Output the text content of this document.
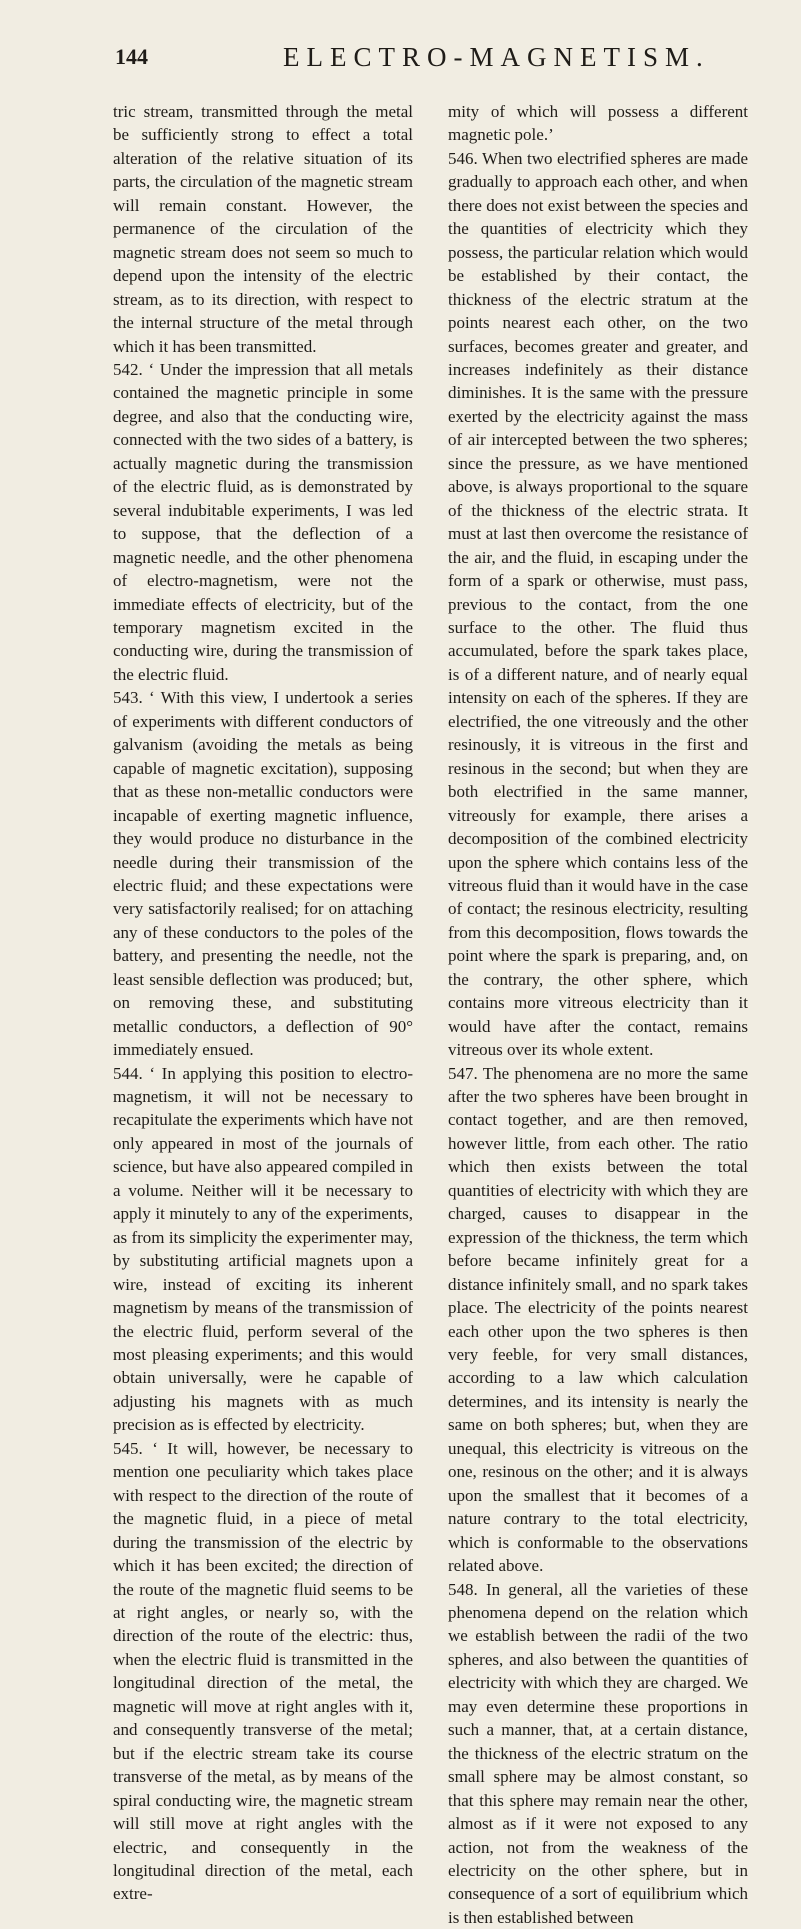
144	ELECTRO-MAGNETISM.

tric stream, transmitted through the metal be sufficiently strong to effect a total alteration of the relative situation of its parts, the circulation of the magnetic stream will remain constant. However, the permanence of the circulation of the magnetic stream does not seem so much to depend upon the intensity of the electric stream, as to its direction, with respect to the internal structure of the metal through which it has been transmitted.

542. ‘ Under the impression that all metals contained the magnetic principle in some degree, and also that the conducting wire, connected with the two sides of a battery, is actually magnetic during the transmission of the electric fluid, as is demonstrated by several indubitable experiments, I was led to suppose, that the deflection of a magnetic needle, and the other phenomena of electro-magnetism, were not the immediate effects of electricity, but of the temporary magnetism excited in the conducting wire, during the transmission of the electric fluid.

543. ‘ With this view, I undertook a series of experiments with different conductors of galvanism (avoiding the metals as being capable of magnetic excitation), supposing that as these non-metallic conductors were incapable of exerting magnetic influence, they would produce no disturbance in the needle during their transmission of the electric fluid; and these expectations were very satisfactorily realised; for on attaching any of these conductors to the poles of the battery, and presenting the needle, not the least sensible deflection was produced; but, on removing these, and substituting metallic conductors, a deflection of 90° immediately ensued.

544. ‘ In applying this position to electro-magnetism, it will not be necessary to recapitulate the experiments which have not only appeared in most of the journals of science, but have also appeared compiled in a volume. Neither will it be necessary to apply it minutely to any of the experiments, as from its simplicity the experimenter may, by substituting artificial magnets upon a wire, instead of exciting its inherent magnetism by means of the transmission of the electric fluid, perform several of the most pleasing experiments; and this would obtain universally, were he capable of adjusting his magnets with as much precision as is effected by electricity.

545. ‘ It will, however, be necessary to mention one peculiarity which takes place with respect to the direction of the route of the magnetic fluid, in a piece of metal during the transmission of the electric by which it has been excited; the direction of the route of the magnetic fluid seems to be at right angles, or nearly so, with the direction of the route of the electric: thus, when the electric fluid is transmitted in the longitudinal direction of the metal, the magnetic will move at right angles with it, and consequently transverse of the metal; but if the electric stream take its course transverse of the metal, as by means of the spiral conducting wire, the magnetic stream will still move at right angles with the electric, and consequently in the longitudinal direction of the metal, each extre-

mity of which will possess a different magnetic pole.’

546. When two electrified spheres are made gradually to approach each other, and when there does not exist between the species and the quantities of electricity which they possess, the particular relation which would be established by their contact, the thickness of the electric stratum at the points nearest each other, on the two surfaces, becomes greater and greater, and increases indefinitely as their distance diminishes. It is the same with the pressure exerted by the electricity against the mass of air intercepted between the two spheres; since the pressure, as we have mentioned above, is always proportional to the square of the thickness of the electric strata. It must at last then overcome the resistance of the air, and the fluid, in escaping under the form of a spark or otherwise, must pass, previous to the contact, from the one surface to the other. The fluid thus accumulated, before the spark takes place, is of a different nature, and of nearly equal intensity on each of the spheres. If they are electrified, the one vitreously and the other resinously, it is vitreous in the first and resinous in the second; but when they are both electrified in the same manner, vitreously for example, there arises a decomposition of the combined electricity upon the sphere which contains less of the vitreous fluid than it would have in the case of contact; the resinous electricity, resulting from this decomposition, flows towards the point where the spark is preparing, and, on the contrary, the other sphere, which contains more vitreous electricity than it would have after the contact, remains vitreous over its whole extent.

547. The phenomena are no more the same after the two spheres have been brought in contact together, and are then removed, however little, from each other. The ratio which then exists between the total quantities of electricity with which they are charged, causes to disappear in the expression of the thickness, the term which before became infinitely great for a distance infinitely small, and no spark takes place. The electricity of the points nearest each other upon the two spheres is then very feeble, for very small distances, according to a law which calculation determines, and its intensity is nearly the same on both spheres; but, when they are unequal, this electricity is vitreous on the one, resinous on the other; and it is always upon the smallest that it becomes of a nature contrary to the total electricity, which is conformable to the observations related above.

548. In general, all the varieties of these phenomena depend on the relation which we establish between the radii of the two spheres, and also between the quantities of electricity with which they are charged. We may even determine these proportions in such a manner, that, at a certain distance, the thickness of the electric stratum on the small sphere may be almost constant, so that this sphere may remain near the other, almost as if it were not exposed to any action, not from the weakness of the electricity on the other sphere, but in consequence of a sort of equilibrium which is then established between
